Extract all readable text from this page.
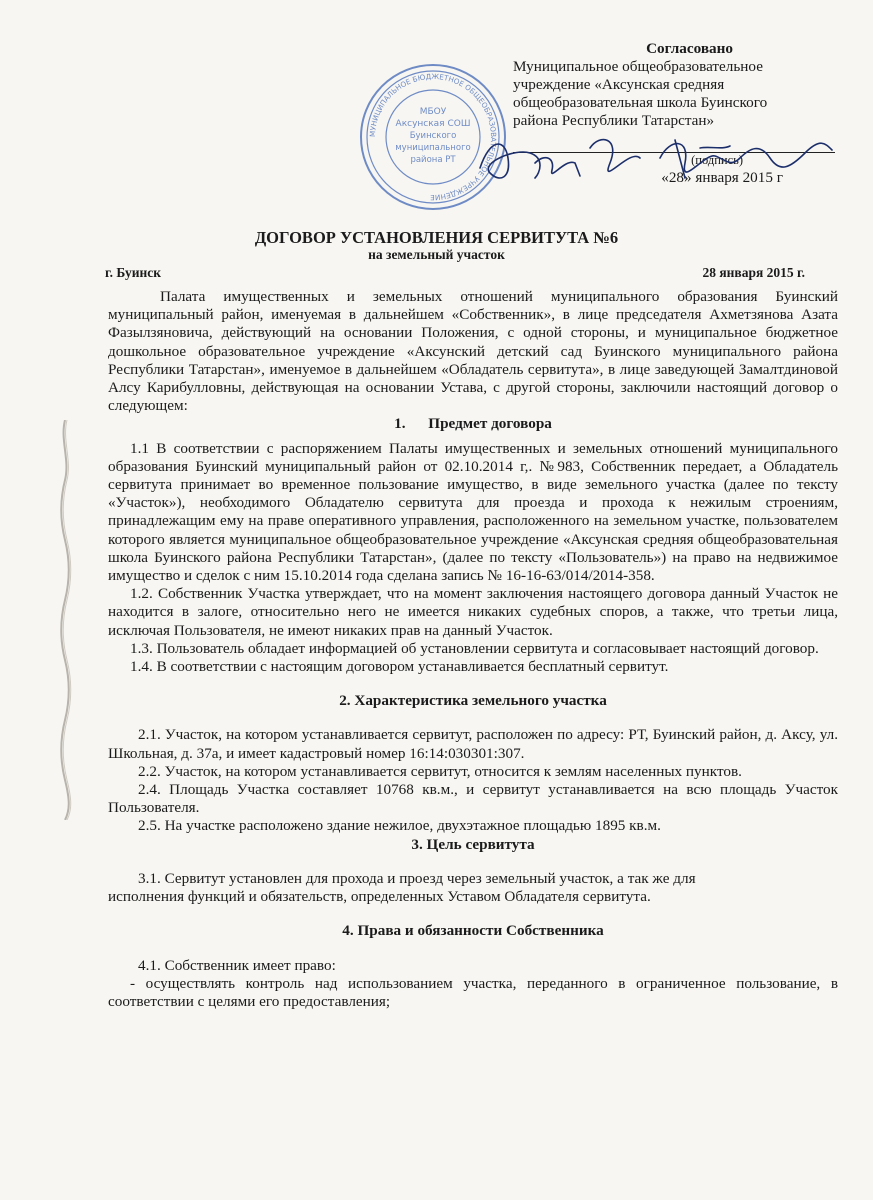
Согласовано
Муниципальное общеобразовательное
учреждение «Аксунская средняя
общеобразовательная школа Буинского
района Республики Татарстан»
(подпись)
«28» января 2015 г
МУНИЦИПАЛЬНОЕ БЮДЖЕТНОЕ ОБЩЕОБРАЗОВАТЕЛЬНОЕ УЧРЕЖДЕНИЕ
МБОУ
Аксунская СОШ
Буинского
муниципального
района РТ
ДОГОВОР УСТАНОВЛЕНИЯ СЕРВИТУТА №6
на земельный участок
г. Буинск	28 января 2015 г.

Палата имущественных и земельных отношений муниципального образования Буинский муниципальный район, именуемая в дальнейшем «Собственник», в лице председателя Ахметзянова Азата Фазылзяновича, действующий на основании Положения, с одной стороны, и муниципальное бюджетное дошкольное образовательное учреждение «Аксунский детский сад Буинского муниципального района Республики Татарстан», именуемое в дальнейшем «Обладатель сервитута», в лице заведующей Замалтдиновой Алсу Карибулловны, действующая на основании Устава, с другой стороны, заключили настоящий договор о следующем:

1. Предмет договора

1.1 В соответствии с распоряжением Палаты имущественных и земельных отношений муниципального образования Буинский муниципальный район от 02.10.2014 г,. №983, Собственник передает, а Обладатель сервитута принимает во временное пользование имущество, в виде земельного участка (далее по тексту «Участок»), необходимого Обладателю сервитута для проезда и прохода к нежилым строениям, принадлежащим ему на праве оперативного управления, расположенного на земельном участке, пользователем которого является муниципальное общеобразовательное учреждение «Аксунская средняя общеобразовательная школа Буинского района Республики Татарстан», (далее по тексту «Пользователь») на право на недвижимое имущество и сделок с ним 15.10.2014 года сделана запись № 16-16-63/014/2014-358.

1.2. Собственник Участка утверждает, что на момент заключения настоящего договора данный Участок не находится в залоге, относительно него не имеется никаких судебных споров, а также, что третьи лица, исключая Пользователя, не имеют никаких прав на данный Участок.

1.3. Пользователь обладает информацией об установлении сервитута и согласовывает настоящий договор.

1.4. В соответствии с настоящим договором устанавливается бесплатный сервитут.

2. Характеристика земельного участка

2.1. Участок, на котором устанавливается сервитут, расположен по адресу: РТ, Буинский район, д. Аксу, ул. Школьная, д. 37а, и имеет кадастровый номер 16:14:030301:307.

2.2. Участок, на котором устанавливается сервитут, относится к землям населенных пунктов.

2.4. Площадь Участка составляет 10768 кв.м., и сервитут устанавливается на всю площадь Участок Пользователя.

2.5. На участке расположено здание нежилое, двухэтажное площадью 1895 кв.м.

3. Цель сервитута

3.1. Сервитут установлен для прохода и проезд через земельный участок, а так же для

исполнения функций и обязательств, определенных Уставом Обладателя сервитута.

4. Права и обязанности Собственника

4.1. Собственник имеет право:

- осуществлять контроль над использованием участка, переданного в ограниченное пользование, в соответствии с целями его предоставления;
